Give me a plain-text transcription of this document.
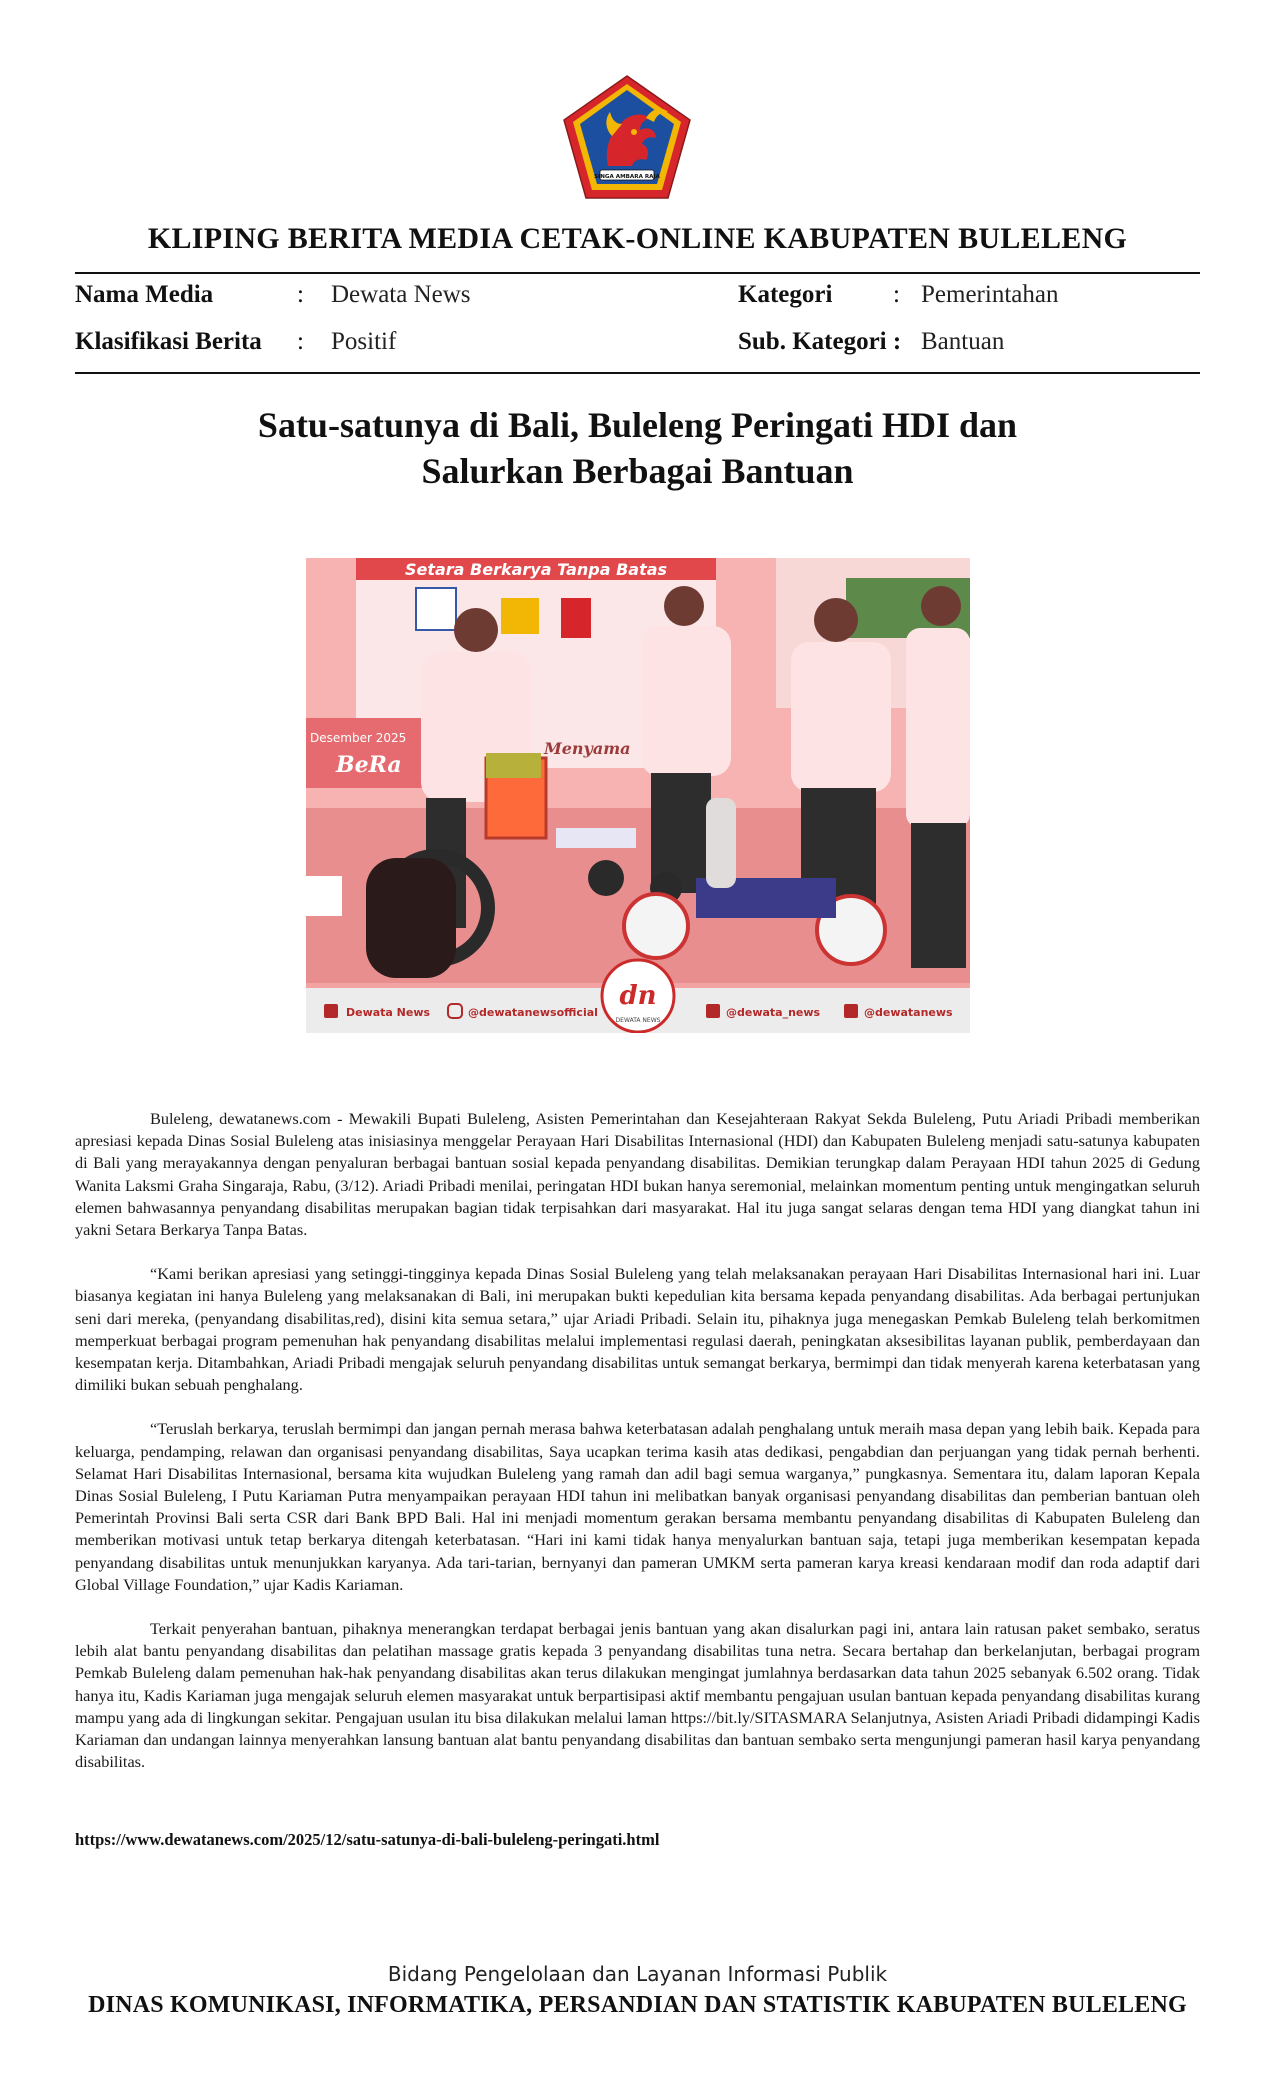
SINGA AMBARA RAJA
KLIPING BERITA MEDIA CETAK-ONLINE KABUPATEN BULELENG
Nama Media	: Dewata News	Kategori : Pemerintahan
Klasifikasi Berita : Positif	Sub. Kategori : Bantuan
Satu-satunya di Bali, Buleleng Peringati HDI dan
Salurkan Berbagai Bantuan
Setara Berkarya Tanpa Batas
Desember 2025
BeRa
Menyama
dn
DEWATA NEWS
Dewata News	@dewatanewsofficial	@dewata_news	@dewatanews

Buleleng, dewatanews.com - Mewakili Bupati Buleleng, Asisten Pemerintahan dan Kesejahteraan Rakyat Sekda Buleleng, Putu Ariadi Pribadi memberikan apresiasi kepada Dinas Sosial Buleleng atas inisiasinya menggelar Perayaan Hari Disabilitas Internasional (HDI) dan Kabupaten Buleleng menjadi satu-satunya kabupaten di Bali yang merayakannya dengan penyaluran berbagai bantuan sosial kepada penyandang disabilitas. Demikian terungkap dalam Perayaan HDI tahun 2025 di Gedung Wanita Laksmi Graha Singaraja, Rabu, (3/12). Ariadi Pribadi menilai, peringatan HDI bukan hanya seremonial, melainkan momentum penting untuk mengingatkan seluruh elemen bahwasannya penyandang disabilitas merupakan bagian tidak terpisahkan dari masyarakat. Hal itu juga sangat selaras dengan tema HDI yang diangkat tahun ini yakni Setara Berkarya Tanpa Batas.

“Kami berikan apresiasi yang setinggi-tingginya kepada Dinas Sosial Buleleng yang telah melaksanakan perayaan Hari Disabilitas Internasional hari ini. Luar biasanya kegiatan ini hanya Buleleng yang melaksanakan di Bali, ini merupakan bukti kepedulian kita bersama kepada penyandang disabilitas. Ada berbagai pertunjukan seni dari mereka, (penyandang disabilitas,red), disini kita semua setara,” ujar Ariadi Pribadi. Selain itu, pihaknya juga menegaskan Pemkab Buleleng telah berkomitmen memperkuat berbagai program pemenuhan hak penyandang disabilitas melalui implementasi regulasi daerah, peningkatan aksesibilitas layanan publik, pemberdayaan dan kesempatan kerja. Ditambahkan, Ariadi Pribadi mengajak seluruh penyandang disabilitas untuk semangat berkarya, bermimpi dan tidak menyerah karena keterbatasan yang dimiliki bukan sebuah penghalang.

“Teruslah berkarya, teruslah bermimpi dan jangan pernah merasa bahwa keterbatasan adalah penghalang untuk meraih masa depan yang lebih baik. Kepada para keluarga, pendamping, relawan dan organisasi penyandang disabilitas, Saya ucapkan terima kasih atas dedikasi, pengabdian dan perjuangan yang tidak pernah berhenti. Selamat Hari Disabilitas Internasional, bersama kita wujudkan Buleleng yang ramah dan adil bagi semua warganya,” pungkasnya. Sementara itu, dalam laporan Kepala Dinas Sosial Buleleng, I Putu Kariaman Putra menyampaikan perayaan HDI tahun ini melibatkan banyak organisasi penyandang disabilitas dan pemberian bantuan oleh Pemerintah Provinsi Bali serta CSR dari Bank BPD Bali. Hal ini menjadi momentum gerakan bersama membantu penyandang disabilitas di Kabupaten Buleleng dan memberikan motivasi untuk tetap berkarya ditengah keterbatasan. “Hari ini kami tidak hanya menyalurkan bantuan saja, tetapi juga memberikan kesempatan kepada penyandang disabilitas untuk menunjukkan karyanya. Ada tari-tarian, bernyanyi dan pameran UMKM serta pameran karya kreasi kendaraan modif dan roda adaptif dari Global Village Foundation,” ujar Kadis Kariaman.

Terkait penyerahan bantuan, pihaknya menerangkan terdapat berbagai jenis bantuan yang akan disalurkan pagi ini, antara lain ratusan paket sembako, seratus lebih alat bantu penyandang disabilitas dan pelatihan massage gratis kepada 3 penyandang disabilitas tuna netra. Secara bertahap dan berkelanjutan, berbagai program Pemkab Buleleng dalam pemenuhan hak-hak penyandang disabilitas akan terus dilakukan mengingat jumlahnya berdasarkan data tahun 2025 sebanyak 6.502 orang. Tidak hanya itu, Kadis Kariaman juga mengajak seluruh elemen masyarakat untuk berpartisipasi aktif membantu pengajuan usulan bantuan kepada penyandang disabilitas kurang mampu yang ada di lingkungan sekitar. Pengajuan usulan itu bisa dilakukan melalui laman https://bit.ly/SITASMARA Selanjutnya, Asisten Ariadi Pribadi didampingi Kadis Kariaman dan undangan lainnya menyerahkan lansung bantuan alat bantu penyandang disabilitas dan bantuan sembako serta mengunjungi pameran hasil karya penyandang disabilitas.

https://www.dewatanews.com/2025/12/satu-satunya-di-bali-buleleng-peringati.html
Bidang Pengelolaan dan Layanan Informasi Publik
DINAS KOMUNIKASI, INFORMATIKA, PERSANDIAN DAN STATISTIK KABUPATEN BULELENG
